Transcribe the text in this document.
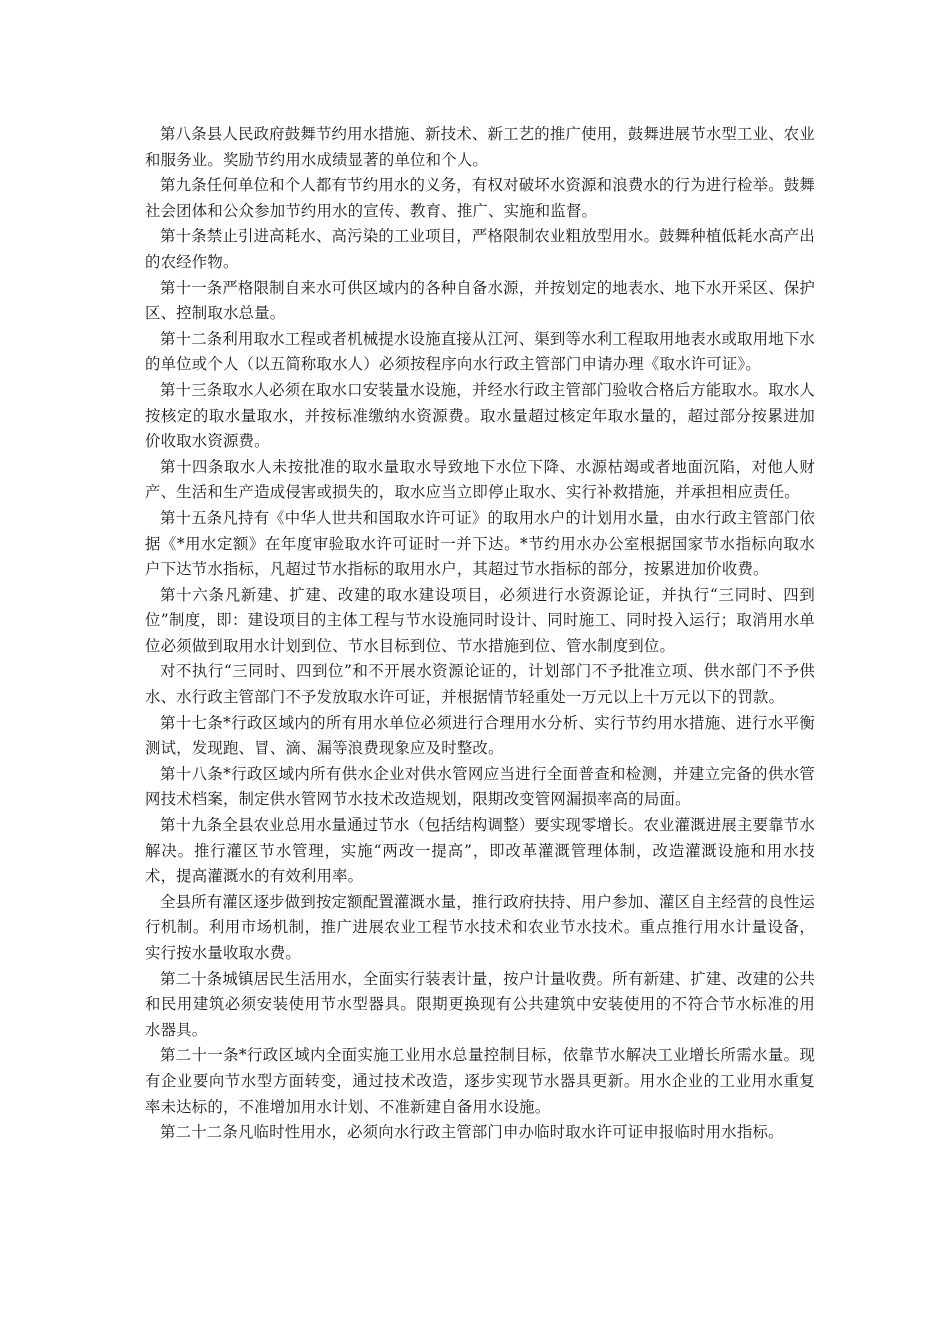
第八条县人民政府鼓舞节约用水措施、新技术、新工艺的推广使用，鼓舞进展节水型工业、农业和服务业。奖励节约用水成绩显著的单位和个人。

第九条任何单位和个人都有节约用水的义务，有权对破坏水资源和浪费水的行为进行检举。鼓舞社会团体和公众参加节约用水的宣传、教育、推广、实施和监督。

第十条禁止引进高耗水、高污染的工业项目，严格限制农业粗放型用水。鼓舞种植低耗水高产出的农经作物。

第十一条严格限制自来水可供区域内的各种自备水源，并按划定的地表水、地下水开采区、保护区、控制取水总量。

第十二条利用取水工程或者机械提水设施直接从江河、渠到等水利工程取用地表水或取用地下水的单位或个人（以五简称取水人）必须按程序向水行政主管部门申请办理《取水许可证》。

第十三条取水人必须在取水口安装量水设施，并经水行政主管部门验收合格后方能取水。取水人按核定的取水量取水，并按标准缴纳水资源费。取水量超过核定年取水量的，超过部分按累进加价收取水资源费。

第十四条取水人未按批准的取水量取水导致地下水位下降、水源枯竭或者地面沉陷，对他人财产、生活和生产造成侵害或损失的，取水应当立即停止取水、实行补救措施，并承担相应责任。

第十五条凡持有《中华人世共和国取水许可证》的取用水户的计划用水量，由水行政主管部门依据《*用水定额》在年度审验取水许可证时一并下达。*节约用水办公室根据国家节水指标向取水户下达节水指标，凡超过节水指标的取用水户，其超过节水指标的部分，按累进加价收费。

第十六条凡新建、扩建、改建的取水建设项目，必须进行水资源论证，并执行“三同时、四到位”制度，即：建设项目的主体工程与节水设施同时设计、同时施工、同时投入运行；取消用水单位必须做到取用水计划到位、节水目标到位、节水措施到位、管水制度到位。

对不执行“三同时、四到位”和不开展水资源论证的，计划部门不予批准立项、供水部门不予供水、水行政主管部门不予发放取水许可证，并根据情节轻重处一万元以上十万元以下的罚款。

第十七条*行政区域内的所有用水单位必须进行合理用水分析、实行节约用水措施、进行水平衡测试，发现跑、冒、滴、漏等浪费现象应及时整改。

第十八条*行政区域内所有供水企业对供水管网应当进行全面普查和检测，并建立完备的供水管网技术档案，制定供水管网节水技术改造规划，限期改变管网漏损率高的局面。

第十九条全县农业总用水量通过节水（包括结构调整）要实现零增长。农业灌溉进展主要靠节水解决。推行灌区节水管理，实施“两改一提高”，即改革灌溉管理体制，改造灌溉设施和用水技术，提高灌溉水的有效利用率。

全县所有灌区逐步做到按定额配置灌溉水量，推行政府扶持、用户参加、灌区自主经营的良性运行机制。利用市场机制，推广进展农业工程节水技术和农业节水技术。重点推行用水计量设备，实行按水量收取水费。

第二十条城镇居民生活用水，全面实行装表计量，按户计量收费。所有新建、扩建、改建的公共和民用建筑必须安装使用节水型器具。限期更换现有公共建筑中安装使用的不符合节水标准的用水器具。

第二十一条*行政区域内全面实施工业用水总量控制目标，依靠节水解决工业增长所需水量。现有企业要向节水型方面转变，通过技术改造，逐步实现节水器具更新。用水企业的工业用水重复率未达标的，不准增加用水计划、不准新建自备用水设施。

第二十二条凡临时性用水，必须向水行政主管部门申办临时取水许可证申报临时用水指标。
